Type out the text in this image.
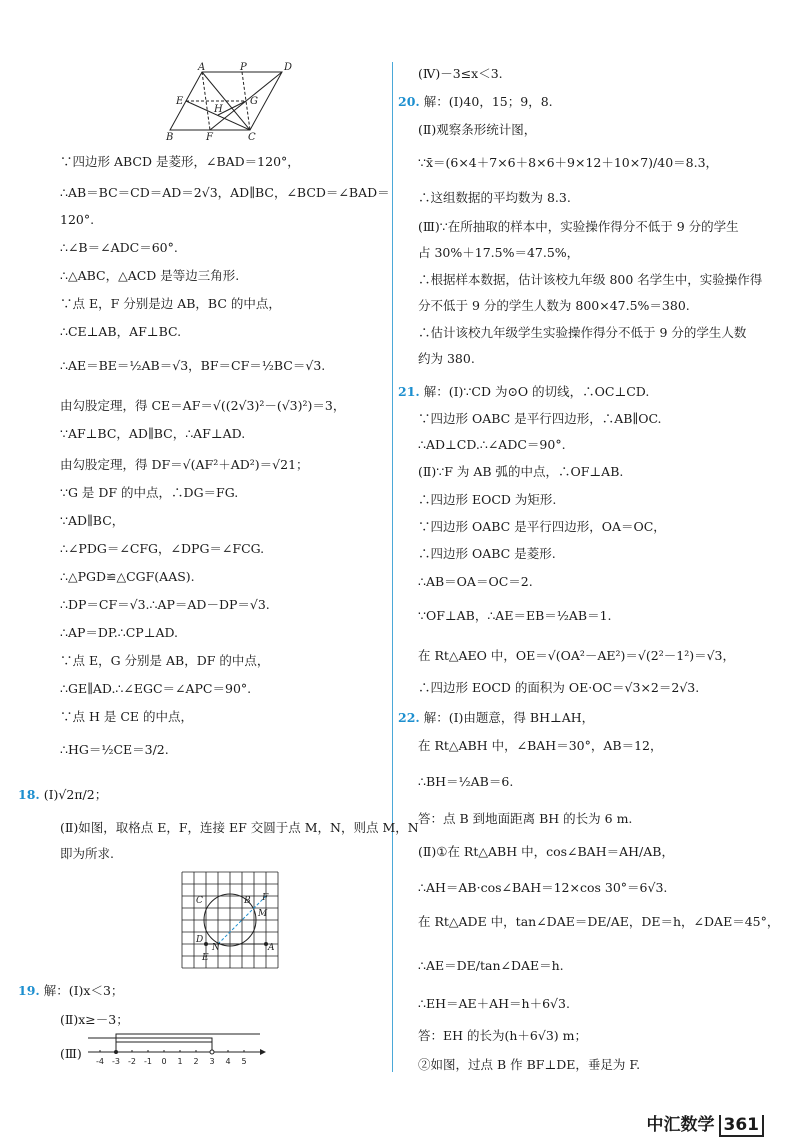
A	P	D
E
H
G
B	F	C
∵四边形 ABCD 是菱形，∠BAD＝120°，
∴AB＝BC＝CD＝AD＝2√3，AD∥BC，∠BCD＝∠BAD＝
120°.
∴∠B＝∠ADC＝60°.
∴△ABC，△ACD 是等边三角形.
∵点 E，F 分别是边 AB，BC 的中点，
∴CE⊥AB，AF⊥BC.
∴AE＝BE＝½AB＝√3，BF＝CF＝½BC＝√3.
由勾股定理，得 CE＝AF＝√((2√3)²－(√3)²)＝3，
∵AF⊥BC，AD∥BC，∴AF⊥AD.
由勾股定理，得 DF＝√(AF²＋AD²)＝√21；
∵G 是 DF 的中点，∴DG＝FG.
∵AD∥BC，
∴∠PDG＝∠CFG，∠DPG＝∠FCG.
∴△PGD≌△CGF(AAS).
∴DP＝CF＝√3.∴AP＝AD－DP＝√3.
∴AP＝DP.∴CP⊥AD.
∵点 E，G 分别是 AB，DF 的中点，
∴GE∥AD.∴∠EGC＝∠APC＝90°.
∵点 H 是 CE 的中点，
∴HG＝½CE＝3/2.
18. (Ⅰ)√2π/2；
(Ⅱ)如图，取格点 E，F，连接 EF 交圆于点 M，N，则点 M，N
即为所求.
C	B F
M
D
N
E
A
19. 解：(Ⅰ)x＜3；
(Ⅱ)x≥－3；
(Ⅲ)
-4 -3 -2 -1 0 1 2 3 4 5
(Ⅳ)－3≤x＜3.
20. 解：(Ⅰ)40，15；9，8.
(Ⅱ)观察条形统计图，
∵x̄＝(6×4＋7×6＋8×6＋9×12＋10×7)/40＝8.3，
∴这组数据的平均数为 8.3.
(Ⅲ)∵在所抽取的样本中，实验操作得分不低于 9 分的学生
占 30%＋17.5%＝47.5%，
∴根据样本数据，估计该校九年级 800 名学生中，实验操作得
分不低于 9 分的学生人数为 800×47.5%＝380.
∴估计该校九年级学生实验操作得分不低于 9 分的学生人数
约为 380.
21. 解：(Ⅰ)∵CD 为⊙O 的切线，∴OC⊥CD.
∵四边形 OABC 是平行四边形，∴AB∥OC.
∴AD⊥CD.∴∠ADC＝90°.
(Ⅱ)∵F 为 AB 弧的中点，∴OF⊥AB.
∴四边形 EOCD 为矩形.
∵四边形 OABC 是平行四边形，OA＝OC，
∴四边形 OABC 是菱形.
∴AB＝OA＝OC＝2.
∵OF⊥AB，∴AE＝EB＝½AB＝1.
在 Rt△AEO 中，OE＝√(OA²－AE²)＝√(2²－1²)＝√3，
∴四边形 EOCD 的面积为 OE·OC＝√3×2＝2√3.
22. 解：(Ⅰ)由题意，得 BH⊥AH，
在 Rt△ABH 中，∠BAH＝30°，AB＝12，
∴BH＝½AB＝6.
答：点 B 到地面距离 BH 的长为 6 m.
(Ⅱ)①在 Rt△ABH 中，cos∠BAH＝AH/AB，
∴AH＝AB·cos∠BAH＝12×cos 30°＝6√3.
在 Rt△ADE 中，tan∠DAE＝DE/AE，DE＝h，∠DAE＝45°，
∴AE＝DE/tan∠DAE＝h.
∴EH＝AE＋AH＝h＋6√3.
答：EH 的长为(h＋6√3) m；
②如图，过点 B 作 BF⊥DE，垂足为 F.
中汇数学 361
